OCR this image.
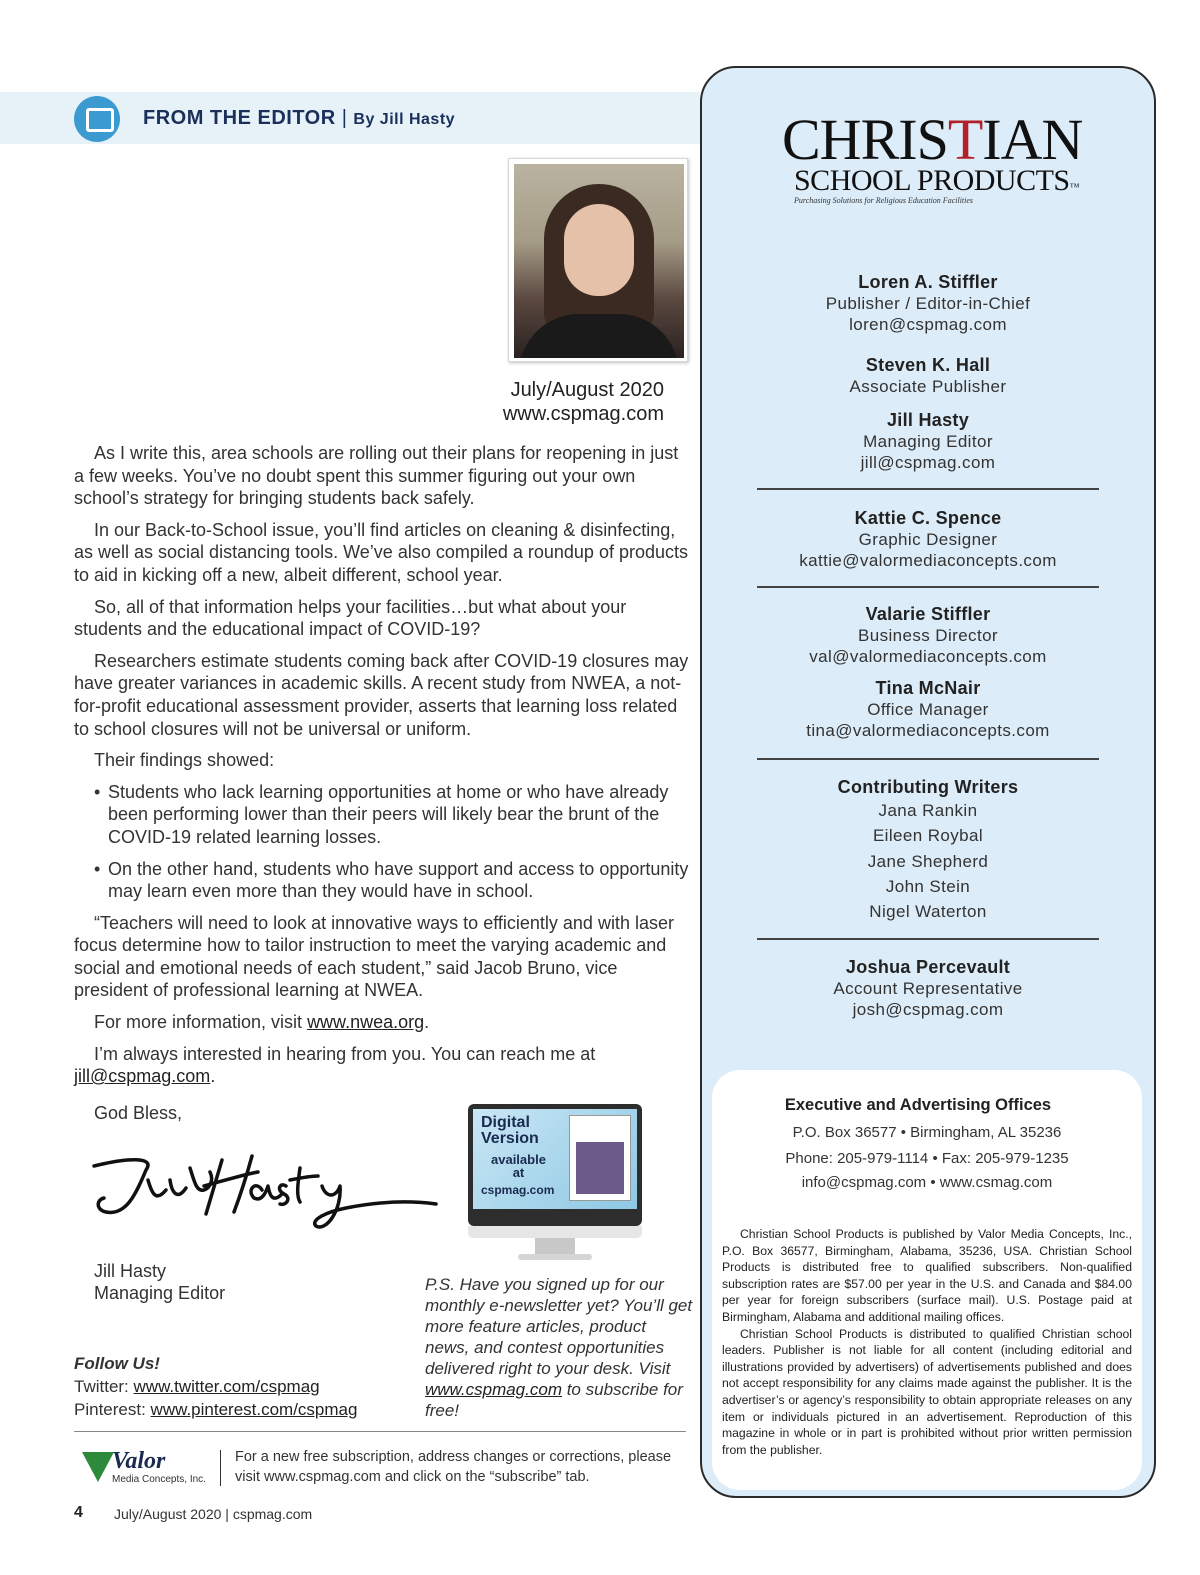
FROM THE EDITOR | By Jill Hasty
July/August 2020
www.cspmag.com

As I write this, area schools are rolling out their plans for reopening in just a few weeks. You’ve no doubt spent this summer figuring out your own school’s strategy for bringing students back safely.

In our Back-to-School issue, you’ll find articles on cleaning & disinfecting, as well as social distancing tools. We’ve also compiled a roundup of products to aid in kicking off a new, albeit different, school year.

So, all of that information helps your facilities…but what about your students and the educational impact of COVID-19?

Researchers estimate students coming back after COVID-19 closures may have greater variances in academic skills. A recent study from NWEA, a not-for-profit educational assessment provider, asserts that learning loss related to school closures will not be universal or uniform.

Their findings showed:

• Students who lack learning opportunities at home or who have already been performing lower than their peers will likely bear the brunt of the COVID-19 related learning losses.
• On the other hand, students who have support and access to opportunity may learn even more than they would have in school.

“Teachers will need to look at innovative ways to efficiently and with laser focus determine how to tailor instruction to meet the varying academic and social and emotional needs of each student,” said Jacob Bruno, vice president of professional learning at NWEA.

For more information, visit www.nwea.org.

I’m always interested in hearing from you. You can reach me at jill@cspmag.com.

God Bless,
Jill Hasty
Managing Editor
Follow Us!
Twitter: www.twitter.com/cspmag
Pinterest: www.pinterest.com/cspmag
Digital
Version
available
at
cspmag.com
P.S. Have you signed up for our monthly e-newsletter yet? You’ll get more feature articles, product news, and contest opportunities delivered right to your desk. Visit www.cspmag.com to subscribe for free!
Valor
Media Concepts, Inc.
For a new free subscription, address changes or corrections, please visit www.cspmag.com and click on the “subscribe” tab.
4 July/August 2020 | cspmag.com
CHRISTIAN
SCHOOL PRODUCTS™
Purchasing Solutions for Religious Education Facilities
Loren A. Stiffler
Publisher / Editor-in-Chief
loren@cspmag.com
Steven K. Hall
Associate Publisher
Jill Hasty
Managing Editor
jill@cspmag.com
Kattie C. Spence
Graphic Designer
kattie@valormediaconcepts.com
Valarie Stiffler
Business Director
val@valormediaconcepts.com
Tina McNair
Office Manager
tina@valormediaconcepts.com
Contributing Writers
Jana Rankin
Eileen Roybal
Jane Shepherd
John Stein
Nigel Waterton
Joshua Percevault
Account Representative
josh@cspmag.com
Executive and Advertising Offices
P.O. Box 36577 • Birmingham, AL 35236
Phone: 205-979-1114 • Fax: 205-979-1235
info@cspmag.com • www.csmag.com

Christian School Products is published by Valor Media Concepts, Inc., P.O. Box 36577, Birmingham, Alabama, 35236, USA. Christian School Products is distributed free to qualified subscribers. Non-qualified subscription rates are $57.00 per year in the U.S. and Canada and $84.00 per year for foreign subscribers (surface mail). U.S. Postage paid at Birmingham, Alabama and additional mailing offices.

Christian School Products is distributed to qualified Christian school leaders. Publisher is not liable for all content (including editorial and illustrations provided by advertisers) of advertisements published and does not accept responsibility for any claims made against the publisher. It is the advertiser’s or agency’s responsibility to obtain appropriate releases on any item or individuals pictured in an advertisement. Reproduction of this magazine in whole or in part is prohibited without prior written permission from the publisher.
